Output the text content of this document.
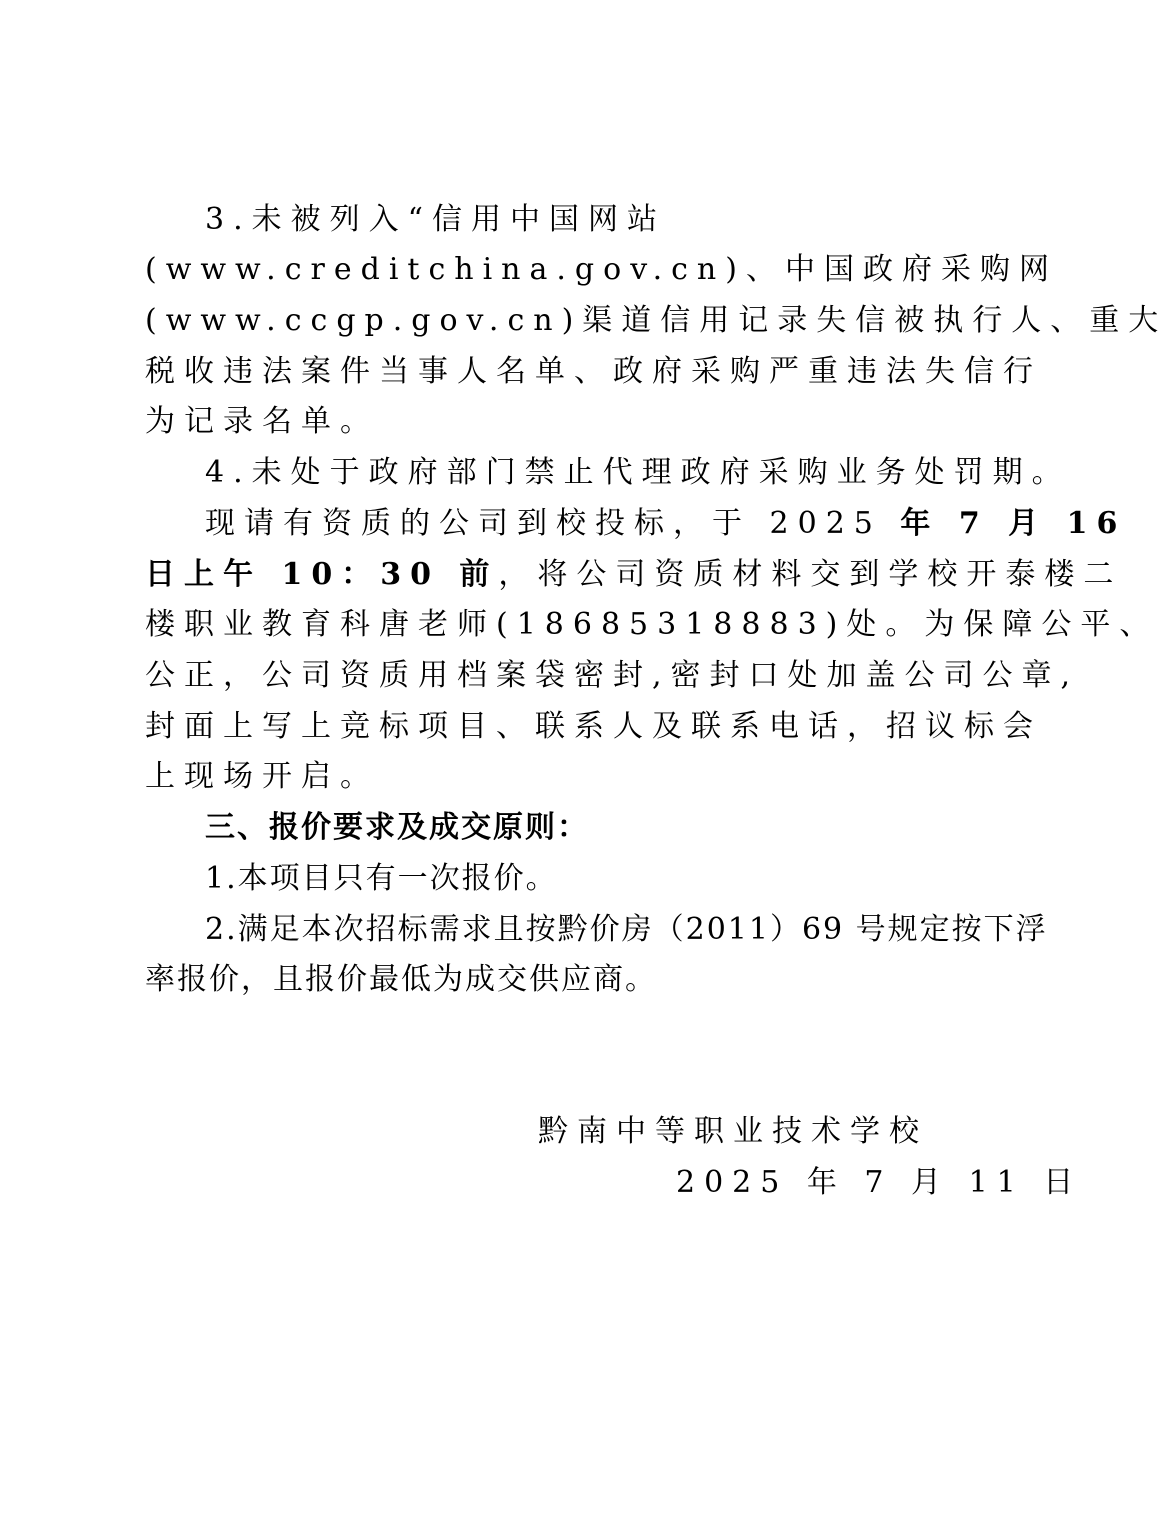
3.未被列入“信用中国网站
(www.creditchina.gov.cn)、中国政府采购网
(www.ccgp.gov.cn)渠道信用记录失信被执行人、重大
税收违法案件当事人名单、政府采购严重违法失信行
为记录名单。
4.未处于政府部门禁止代理政府采购业务处罚期。
现请有资质的公司到校投标，于 2025 年 7 月 16
日上午 10：30 前，将公司资质材料交到学校开泰楼二
楼职业教育科唐老师(18685318883)处。为保障公平、
公正，公司资质用档案袋密封,密封口处加盖公司公章,
封面上写上竞标项目、联系人及联系电话，招议标会
上现场开启。
三、报价要求及成交原则：
1.本项目只有一次报价。
2.满足本次招标需求且按黔价房（2011）69 号规定按下浮
率报价，且报价最低为成交供应商。
黔南中等职业技术学校
2025 年 7 月 11 日
